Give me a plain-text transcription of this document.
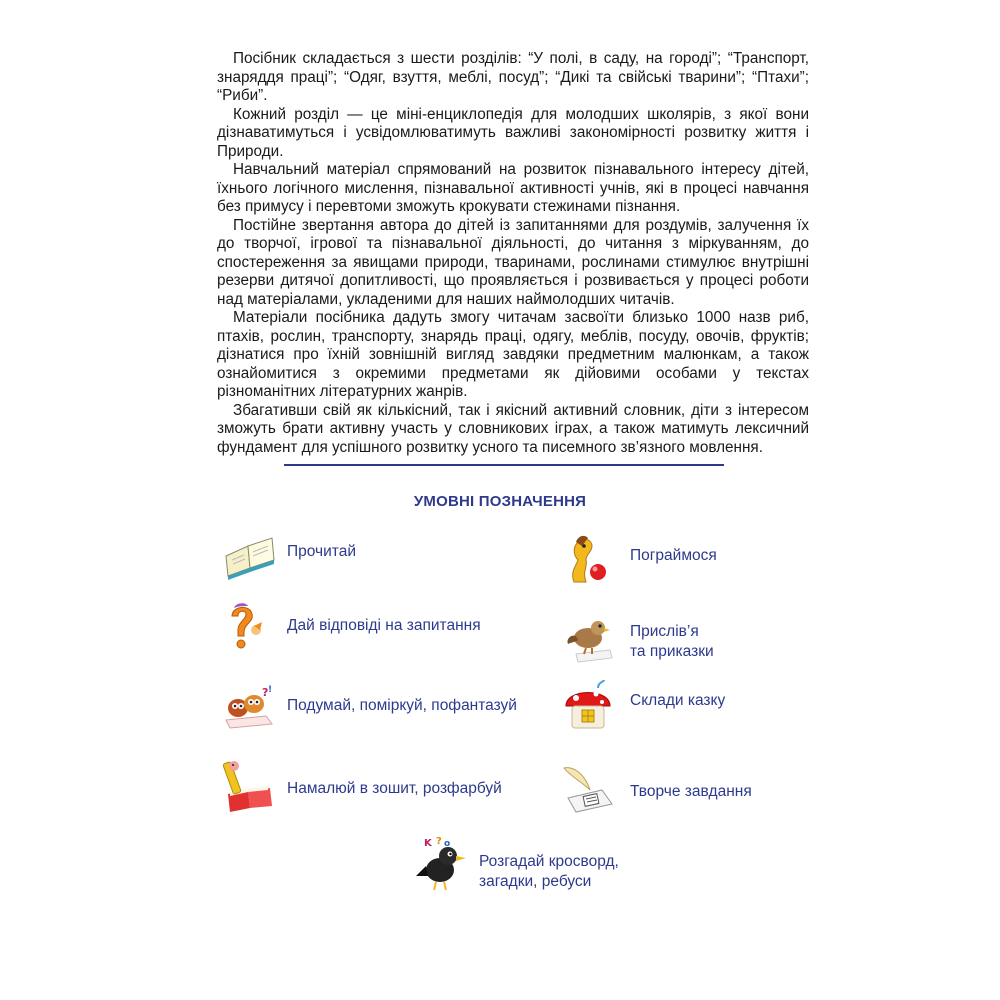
Посібник складається з шести розділів: “У полі, в саду, на городі”; “Транспорт, знаряддя праці”; “Одяг, взуття, меблі, посуд”; “Дикі та свійські тварини”; “Птахи”; “Риби”.

Кожний розділ — це міні-енциклопедія для молодших школярів, з якої вони дізнаватимуться і усвідомлюватимуть важливі закономірності розвитку життя і Природи.

Навчальний матеріал спрямований на розвиток пізнавального інтересу дітей, їхнього логічного мислення, пізнавальної активності учнів, які в процесі навчання без примусу і перевтоми зможуть крокувати стежинами пізнання.

Постійне звертання автора до дітей із запитаннями для роздумів, залучення їх до творчої, ігрової та пізнавальної діяльності, до читання з міркуванням, до спостереження за явищами природи, тваринами, рослинами стимулює внутрішні резерви дитячої допитливості, що проявляється і розвивається у процесі роботи над матеріалами, укладеними для наших наймолодших читачів.

Матеріали посібника дадуть змогу читачам засвоїти близько 1000 назв риб, птахів, рослин, транспорту, знарядь праці, одягу, меблів, посуду, овочів, фруктів; дізнатися про їхній зовнішній вигляд завдяки предметним малюнкам, а також ознайомитися з окремими предметами як дійовими особами у текстах різноманітних літературних жанрів.

Збагативши свій як кількісний, так і якісний активний словник, діти з інтересом зможуть брати активну участь у словникових іграх, а також матимуть лексичний фундамент для успішного розвитку усного та писемного зв’язного мовлення.

УМОВНІ ПОЗНАЧЕННЯ
Прочитай	Пограймося
Дай відповіді на запитання	Прислів’я
та приказки
? !
Подумай, поміркуй, пофантазуй	Склади казку
Намалюй в зошит, розфарбуй	Творче завдання
K ? o
Розгадай кросворд,
загадки, ребуси
